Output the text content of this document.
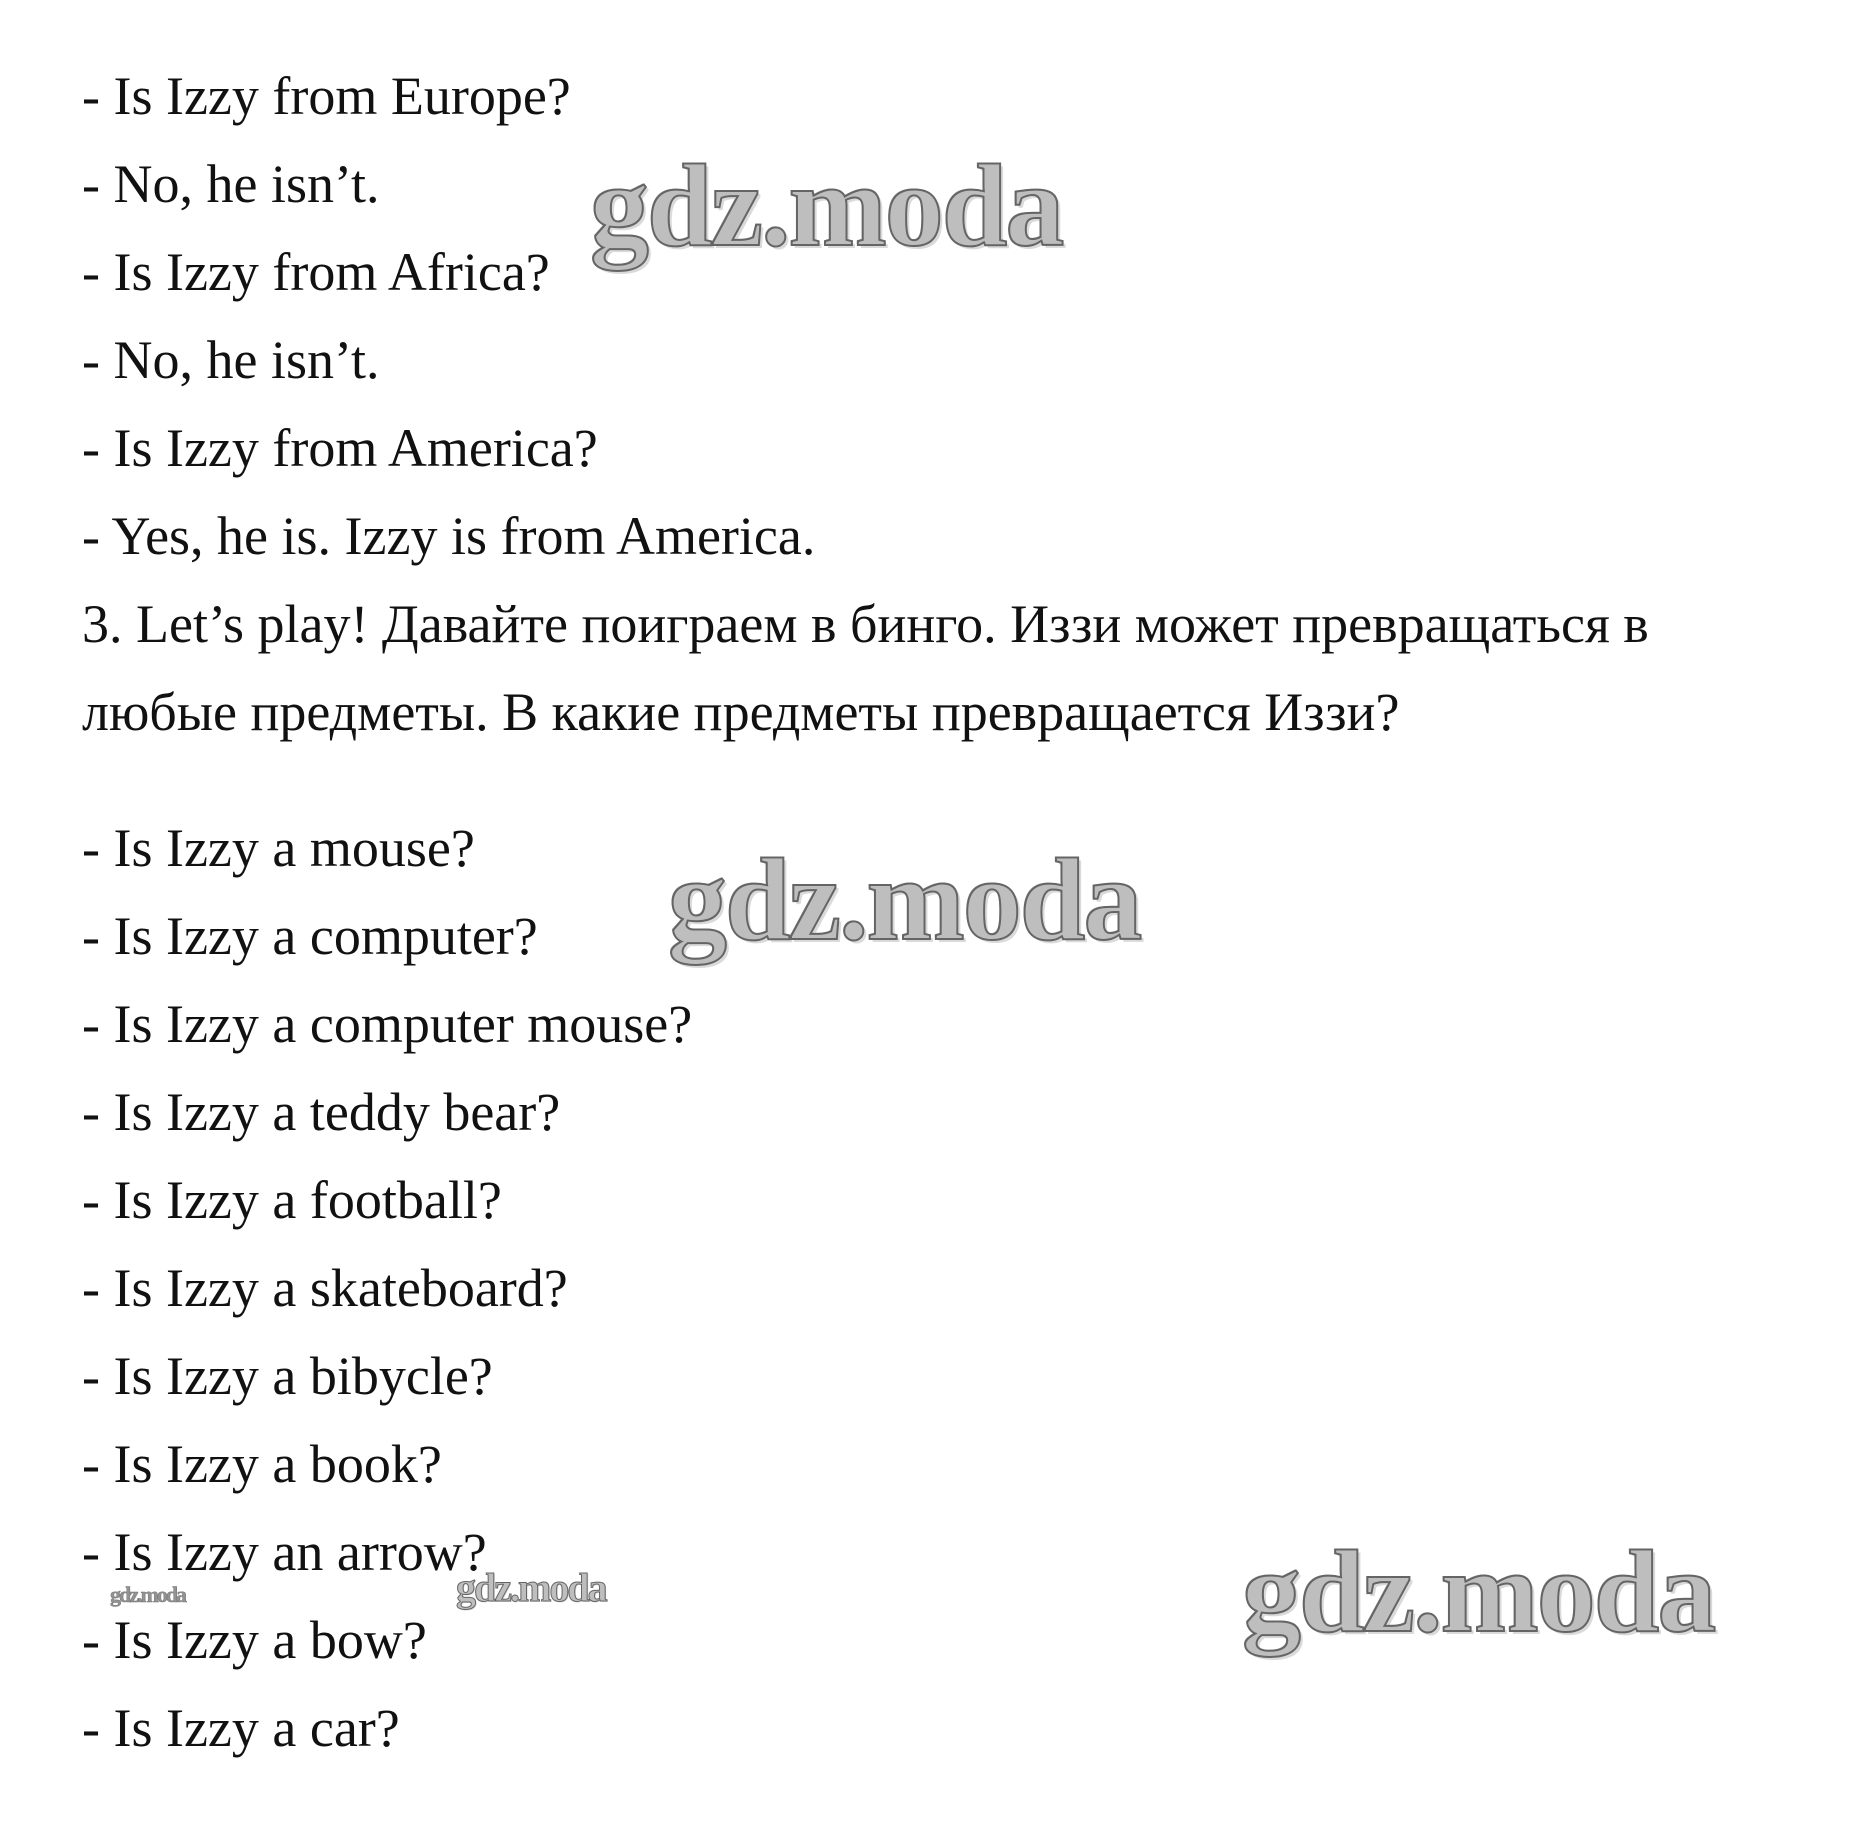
- Is Izzy from Europe?
- No, he isn’t.
- Is Izzy from Africa?
- No, he isn’t.
- Is Izzy from America?
- Yes, he is. Izzy is from America.
3. Let’s play! Давайте поиграем в бинго. Иззи может превращаться в любые предметы. В какие предметы превращается Иззи?
- Is Izzy a mouse?
- Is Izzy a computer?
- Is Izzy a computer mouse?
- Is Izzy a teddy bear?
- Is Izzy a football?
- Is Izzy a skateboard?
- Is Izzy a bibycle?
- Is Izzy a book?
- Is Izzy an arrow?
- Is Izzy a bow?
- Is Izzy a car?
gdz.moda
gdz.moda
gdz.moda
gdz.moda
gdz.moda
